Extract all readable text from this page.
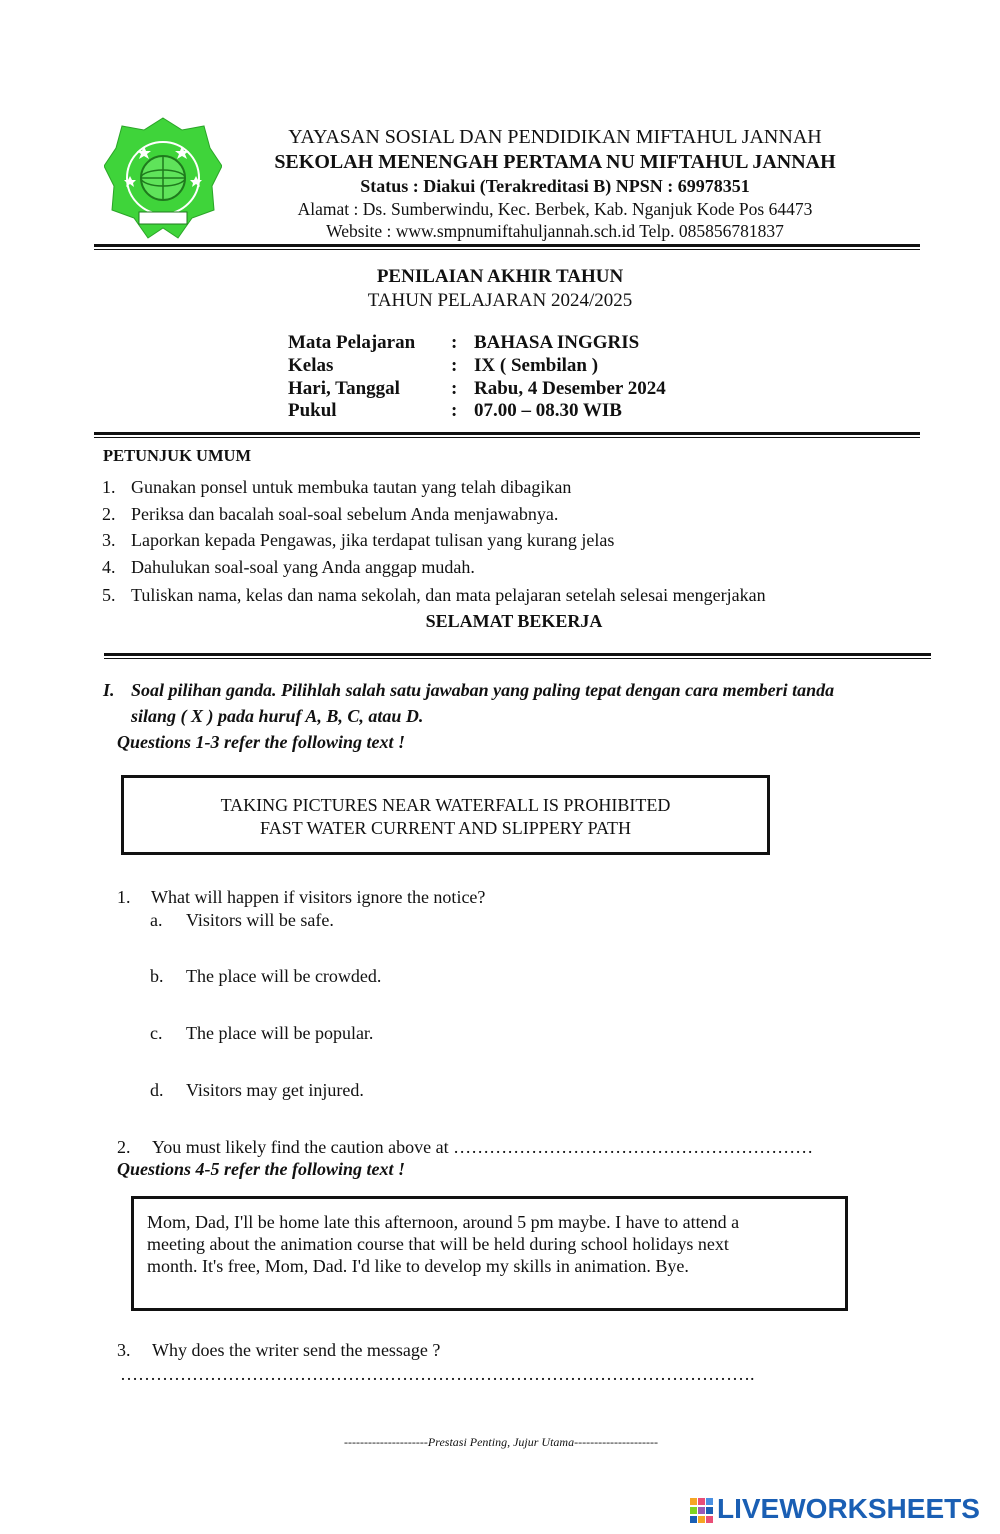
YAYASAN SOSIAL DAN PENDIDIKAN MIFTAHUL JANNAH
SEKOLAH MENENGAH PERTAMA NU MIFTAHUL JANNAH
Status : Diakui (Terakreditasi B) NPSN : 69978351
Alamat : Ds. Sumberwindu, Kec. Berbek, Kab. Nganjuk Kode Pos 64473
Website : www.smpnumiftahuljannah.sch.id Telp. 085856781837
PENILAIAN AKHIR TAHUN
TAHUN PELAJARAN 2024/2025
Mata Pelajaran : BAHASA INGGRIS
Kelas	: IX ( Sembilan )
Hari, Tanggal	: Rabu, 4 Desember 2024
Pukul	: 07.00 – 08.30 WIB
PETUNJUK UMUM
1. Gunakan ponsel untuk membuka tautan yang telah dibagikan
2. Periksa dan bacalah soal-soal sebelum Anda menjawabnya.
3. Laporkan kepada Pengawas, jika terdapat tulisan yang kurang jelas
4. Dahulukan soal-soal yang Anda anggap mudah.
5. Tuliskan nama, kelas dan nama sekolah, dan mata pelajaran setelah selesai mengerjakan
SELAMAT BEKERJA
I. Soal pilihan ganda. Pilihlah salah satu jawaban yang paling tepat dengan cara memberi tanda
silang ( X ) pada huruf A, B, C, atau D.
Questions 1-3 refer the following text !
TAKING PICTURES NEAR WATERFALL IS PROHIBITED
FAST WATER CURRENT AND SLIPPERY PATH
1. What will happen if visitors ignore the notice?
a. Visitors will be safe.
b. The place will be crowded.
c. The place will be popular.
d. Visitors may get injured.
2. You must likely find the caution above at ……………………………………………………
Questions 4-5 refer the following text !
Mom, Dad, I'll be home late this afternoon, around 5 pm maybe. I have to attend a
meeting about the animation course that will be held during school holidays next
month. It's free, Mom, Dad. I'd like to develop my skills in animation. Bye.
3. Why does the writer send the message ?
…………………………………………………………………………………………….
---------------------Prestasi Penting, Jujur Utama---------------------
LIVEWORKSHEETS
